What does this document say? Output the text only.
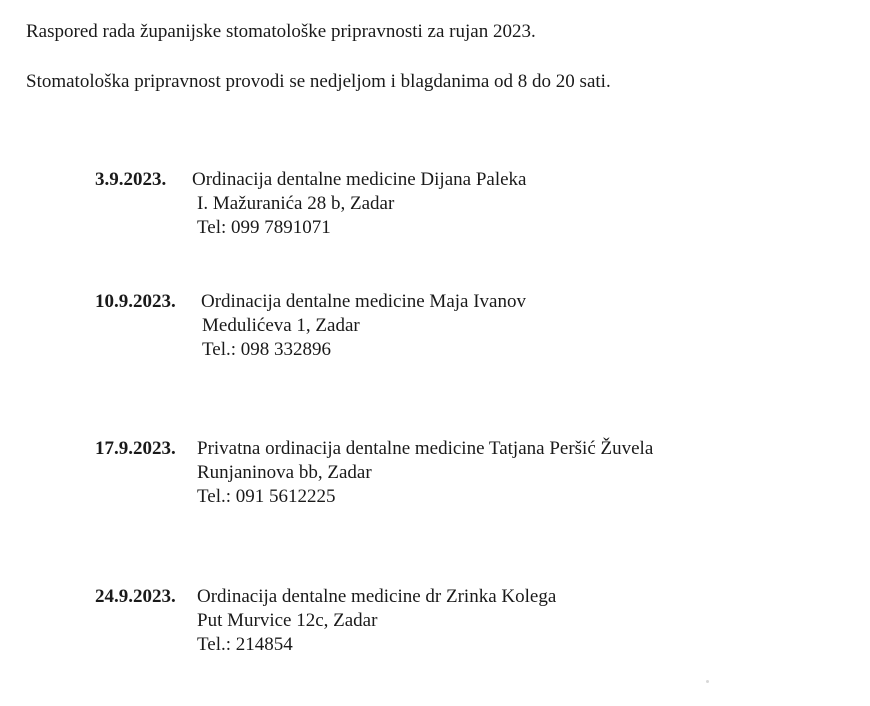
Raspored rada županijske stomatološke pripravnosti za rujan 2023.
Stomatološka pripravnost provodi se nedjeljom i blagdanima od 8 do 20 sati.
3.9.2023. Ordinacija dentalne medicine Dijana Paleka
I. Mažuranića 28 b, Zadar
Tel: 099 7891071
10.9.2023. Ordinacija dentalne medicine Maja Ivanov
Medulićeva 1, Zadar
Tel.: 098 332896
17.9.2023. Privatna ordinacija dentalne medicine Tatjana Peršić Žuvela
Runjaninova bb, Zadar
Tel.: 091 5612225
24.9.2023. Ordinacija dentalne medicine dr Zrinka Kolega
Put Murvice 12c, Zadar
Tel.: 214854
